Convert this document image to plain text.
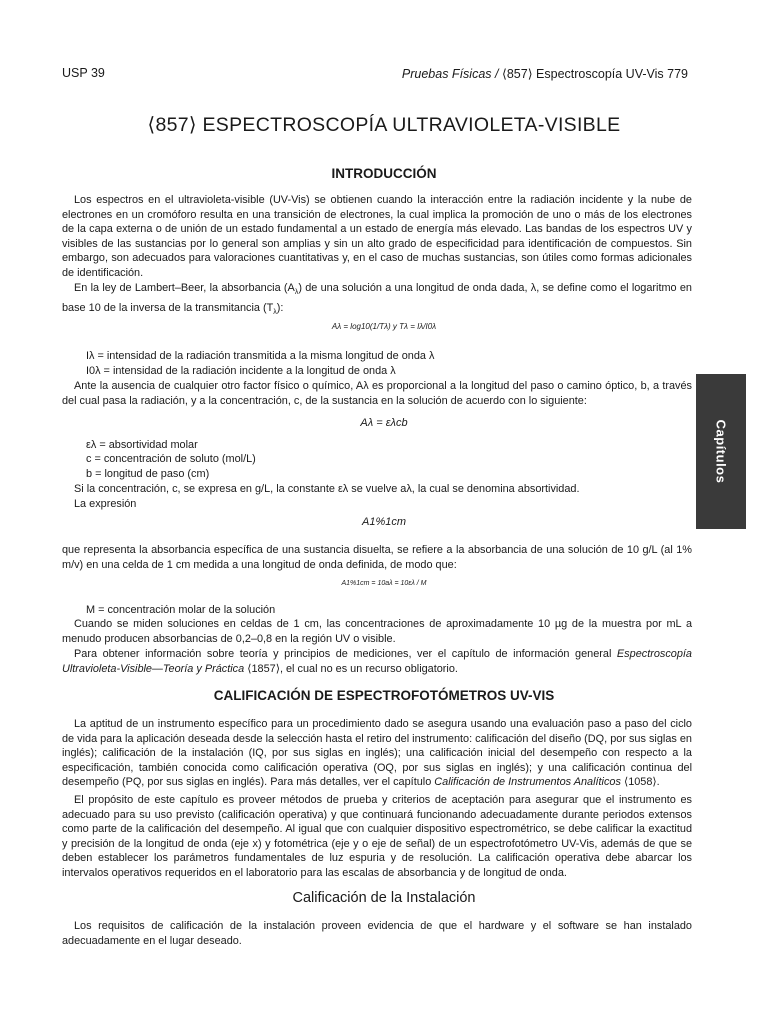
USP 39	Pruebas Físicas / ⟨857⟩ Espectroscopía UV-Vis 779
⟨857⟩ ESPECTROSCOPÍA ULTRAVIOLETA-VISIBLE
INTRODUCCIÓN
Los espectros en el ultravioleta-visible (UV-Vis) se obtienen cuando la interacción entre la radiación incidente y la nube de electrones en un cromóforo resulta en una transición de electrones, la cual implica la promoción de uno o más de los electrones de la capa externa o de unión de un estado fundamental a un estado de energía más elevado. Las bandas de los espectros UV y visibles de las sustancias por lo general son amplias y sin un alto grado de especificidad para identificación de compuestos. Sin embargo, son adecuados para valoraciones cuantitativas y, en el caso de muchas sustancias, son útiles como formas adicionales de identificación.
En la ley de Lambert–Beer, la absorbancia $(A_\lambda)$ de una solución a una longitud de onda dada, λ, se define como el logaritmo en base 10 de la inversa de la transmitancia $(T_\lambda)$:
Aλ = log10(1/Tλ) y Tλ = Iλ/I0λ
Iλ = intensidad de la radiación transmitida a la misma longitud de onda λ
I0λ = intensidad de la radiación incidente a la longitud de onda λ
Ante la ausencia de cualquier otro factor físico o químico, Aλ es proporcional a la longitud del paso o camino óptico, b, a través del cual pasa la radiación, y a la concentración, c, de la sustancia en la solución de acuerdo con lo siguiente:
Aλ = ελcb
ελ = absortividad molar
c = concentración de soluto (mol/L)
b = longitud de paso (cm)
Si la concentración, c, se expresa en g/L, la constante ελ se vuelve aλ, la cual se denomina absortividad.
La expresión
A1%1cm
que representa la absorbancia específica de una sustancia disuelta, se refiere a la absorbancia de una solución de 10 g/L (al 1% m/v) en una celda de 1 cm medida a una longitud de onda definida, de modo que:
A1%1cm = 10aλ = 10ελ / M
M = concentración molar de la solución
Cuando se miden soluciones en celdas de 1 cm, las concentraciones de aproximadamente 10 µg de la muestra por mL a menudo producen absorbancias de 0,2–0,8 en la región UV o visible.
Para obtener información sobre teoría y principios de mediciones, ver el capítulo de información general Espectroscopía Ultravioleta-Visible—Teoría y Práctica ⟨1857⟩, el cual no es un recurso obligatorio.
CALIFICACIÓN DE ESPECTROFOTÓMETROS UV-VIS
La aptitud de un instrumento específico para un procedimiento dado se asegura usando una evaluación paso a paso del ciclo de vida para la aplicación deseada desde la selección hasta el retiro del instrumento: calificación del diseño (DQ, por sus siglas en inglés); calificación de la instalación (IQ, por sus siglas en inglés); una calificación inicial del desempeño con respecto a la especificación, también conocida como calificación operativa (OQ, por sus siglas en inglés); y una calificación continua del desempeño (PQ, por sus siglas en inglés). Para más detalles, ver el capítulo Calificación de Instrumentos Analíticos ⟨1058⟩.
El propósito de este capítulo es proveer métodos de prueba y criterios de aceptación para asegurar que el instrumento es adecuado para su uso previsto (calificación operativa) y que continuará funcionando adecuadamente durante periodos extensos como parte de la calificación del desempeño. Al igual que con cualquier dispositivo espectrométrico, se debe calificar la exactitud y precisión de la longitud de onda (eje x) y fotométrica (eje y o eje de señal) de un espectrofotómetro UV-Vis, además de que se deben establecer los parámetros fundamentales de luz espuria y de resolución. La calificación operativa debe abarcar los intervalos operativos requeridos en el laboratorio para las escalas de absorbancia y de longitud de onda.
Calificación de la Instalación
Los requisitos de calificación de la instalación proveen evidencia de que el hardware y el software se han instalado adecuadamente en el lugar deseado.
Capítulos
